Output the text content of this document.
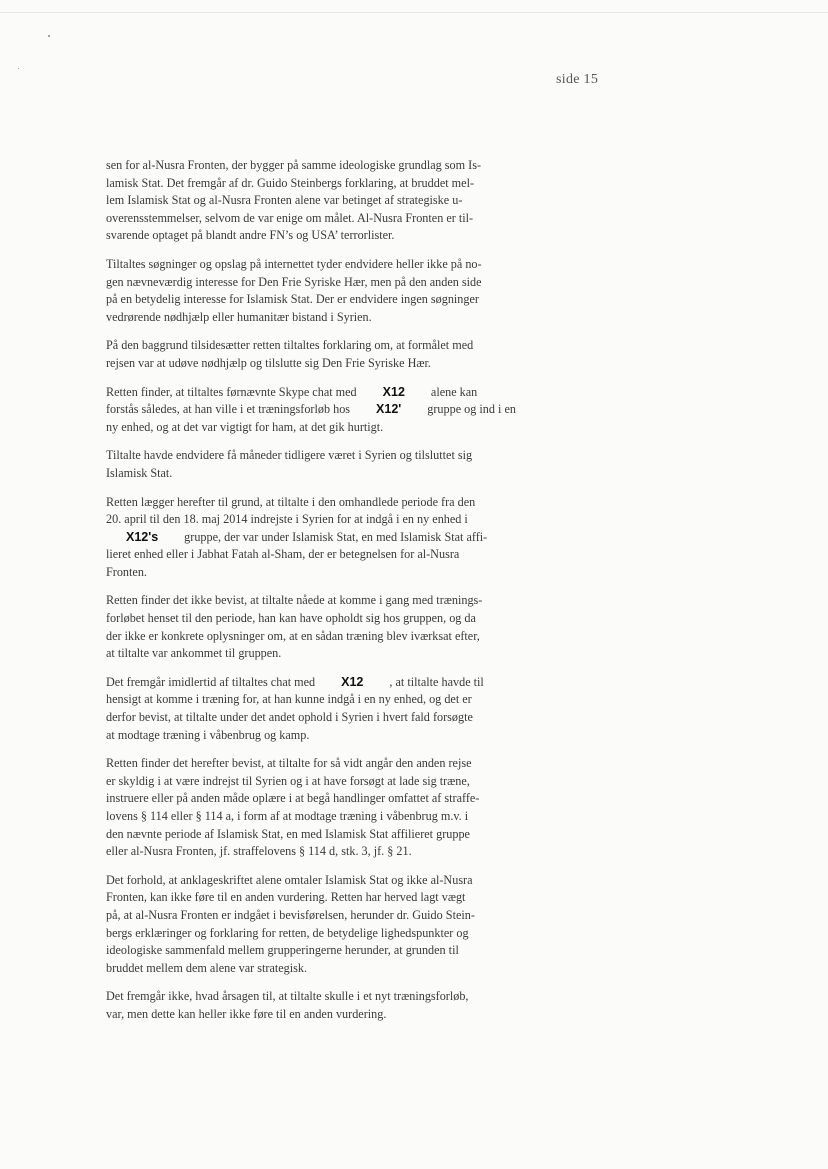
side 15

sen for al-Nusra Fronten, der bygger på samme ideologiske grundlag som Is-
lamisk Stat. Det fremgår af dr. Guido Steinbergs forklaring, at bruddet mel-
lem Islamisk Stat og al-Nusra Fronten alene var betinget af strategiske u-
overensstemmelser, selvom de var enige om målet. Al-Nusra Fronten er til-
svarende optaget på blandt andre FN’s og USA’ terrorlister.

Tiltaltes søgninger og opslag på internettet tyder endvidere heller ikke på no-
gen nævneværdig interesse for Den Frie Syriske Hær, men på den anden side
på en betydelig interesse for Islamisk Stat. Der er endvidere ingen søgninger
vedrørende nødhjælp eller humanitær bistand i Syrien.

På den baggrund tilsidesætter retten tiltaltes forklaring om, at formålet med
rejsen var at udøve nødhjælp og tilslutte sig Den Frie Syriske Hær.

Retten finder, at tiltaltes førnævnte Skype chat med X12 alene kan
forstås således, at han ville i et træningsforløb hos X12' gruppe og ind i en
ny enhed, og at det var vigtigt for ham, at det gik hurtigt.

Tiltalte havde endvidere få måneder tidligere været i Syrien og tilsluttet sig
Islamisk Stat.

Retten lægger herefter til grund, at tiltalte i den omhandlede periode fra den
20. april til den 18. maj 2014 indrejste i Syrien for at indgå i en ny enhed i
X12's gruppe, der var under Islamisk Stat, en med Islamisk Stat affi-
lieret enhed eller i Jabhat Fatah al-Sham, der er betegnelsen for al-Nusra
Fronten.

Retten finder det ikke bevist, at tiltalte nåede at komme i gang med trænings-
forløbet henset til den periode, han kan have opholdt sig hos gruppen, og da
der ikke er konkrete oplysninger om, at en sådan træning blev iværksat efter,
at tiltalte var ankommet til gruppen.

Det fremgår imidlertid af tiltaltes chat med X12 , at tiltalte havde til
hensigt at komme i træning for, at han kunne indgå i en ny enhed, og det er
derfor bevist, at tiltalte under det andet ophold i Syrien i hvert fald forsøgte
at modtage træning i våbenbrug og kamp.

Retten finder det herefter bevist, at tiltalte for så vidt angår den anden rejse
er skyldig i at være indrejst til Syrien og i at have forsøgt at lade sig træne,
instruere eller på anden måde oplære i at begå handlinger omfattet af straffe-
lovens § 114 eller § 114 a, i form af at modtage træning i våbenbrug m.v. i
den nævnte periode af Islamisk Stat, en med Islamisk Stat affilieret gruppe
eller al-Nusra Fronten, jf. straffelovens § 114 d, stk. 3, jf. § 21.

Det forhold, at anklageskriftet alene omtaler Islamisk Stat og ikke al-Nusra
Fronten, kan ikke føre til en anden vurdering. Retten har herved lagt vægt
på, at al-Nusra Fronten er indgået i bevisførelsen, herunder dr. Guido Stein-
bergs erklæringer og forklaring for retten, de betydelige lighedspunkter og
ideologiske sammenfald mellem grupperingerne herunder, at grunden til
bruddet mellem dem alene var strategisk.

Det fremgår ikke, hvad årsagen til, at tiltalte skulle i et nyt træningsforløb,
var, men dette kan heller ikke føre til en anden vurdering.
